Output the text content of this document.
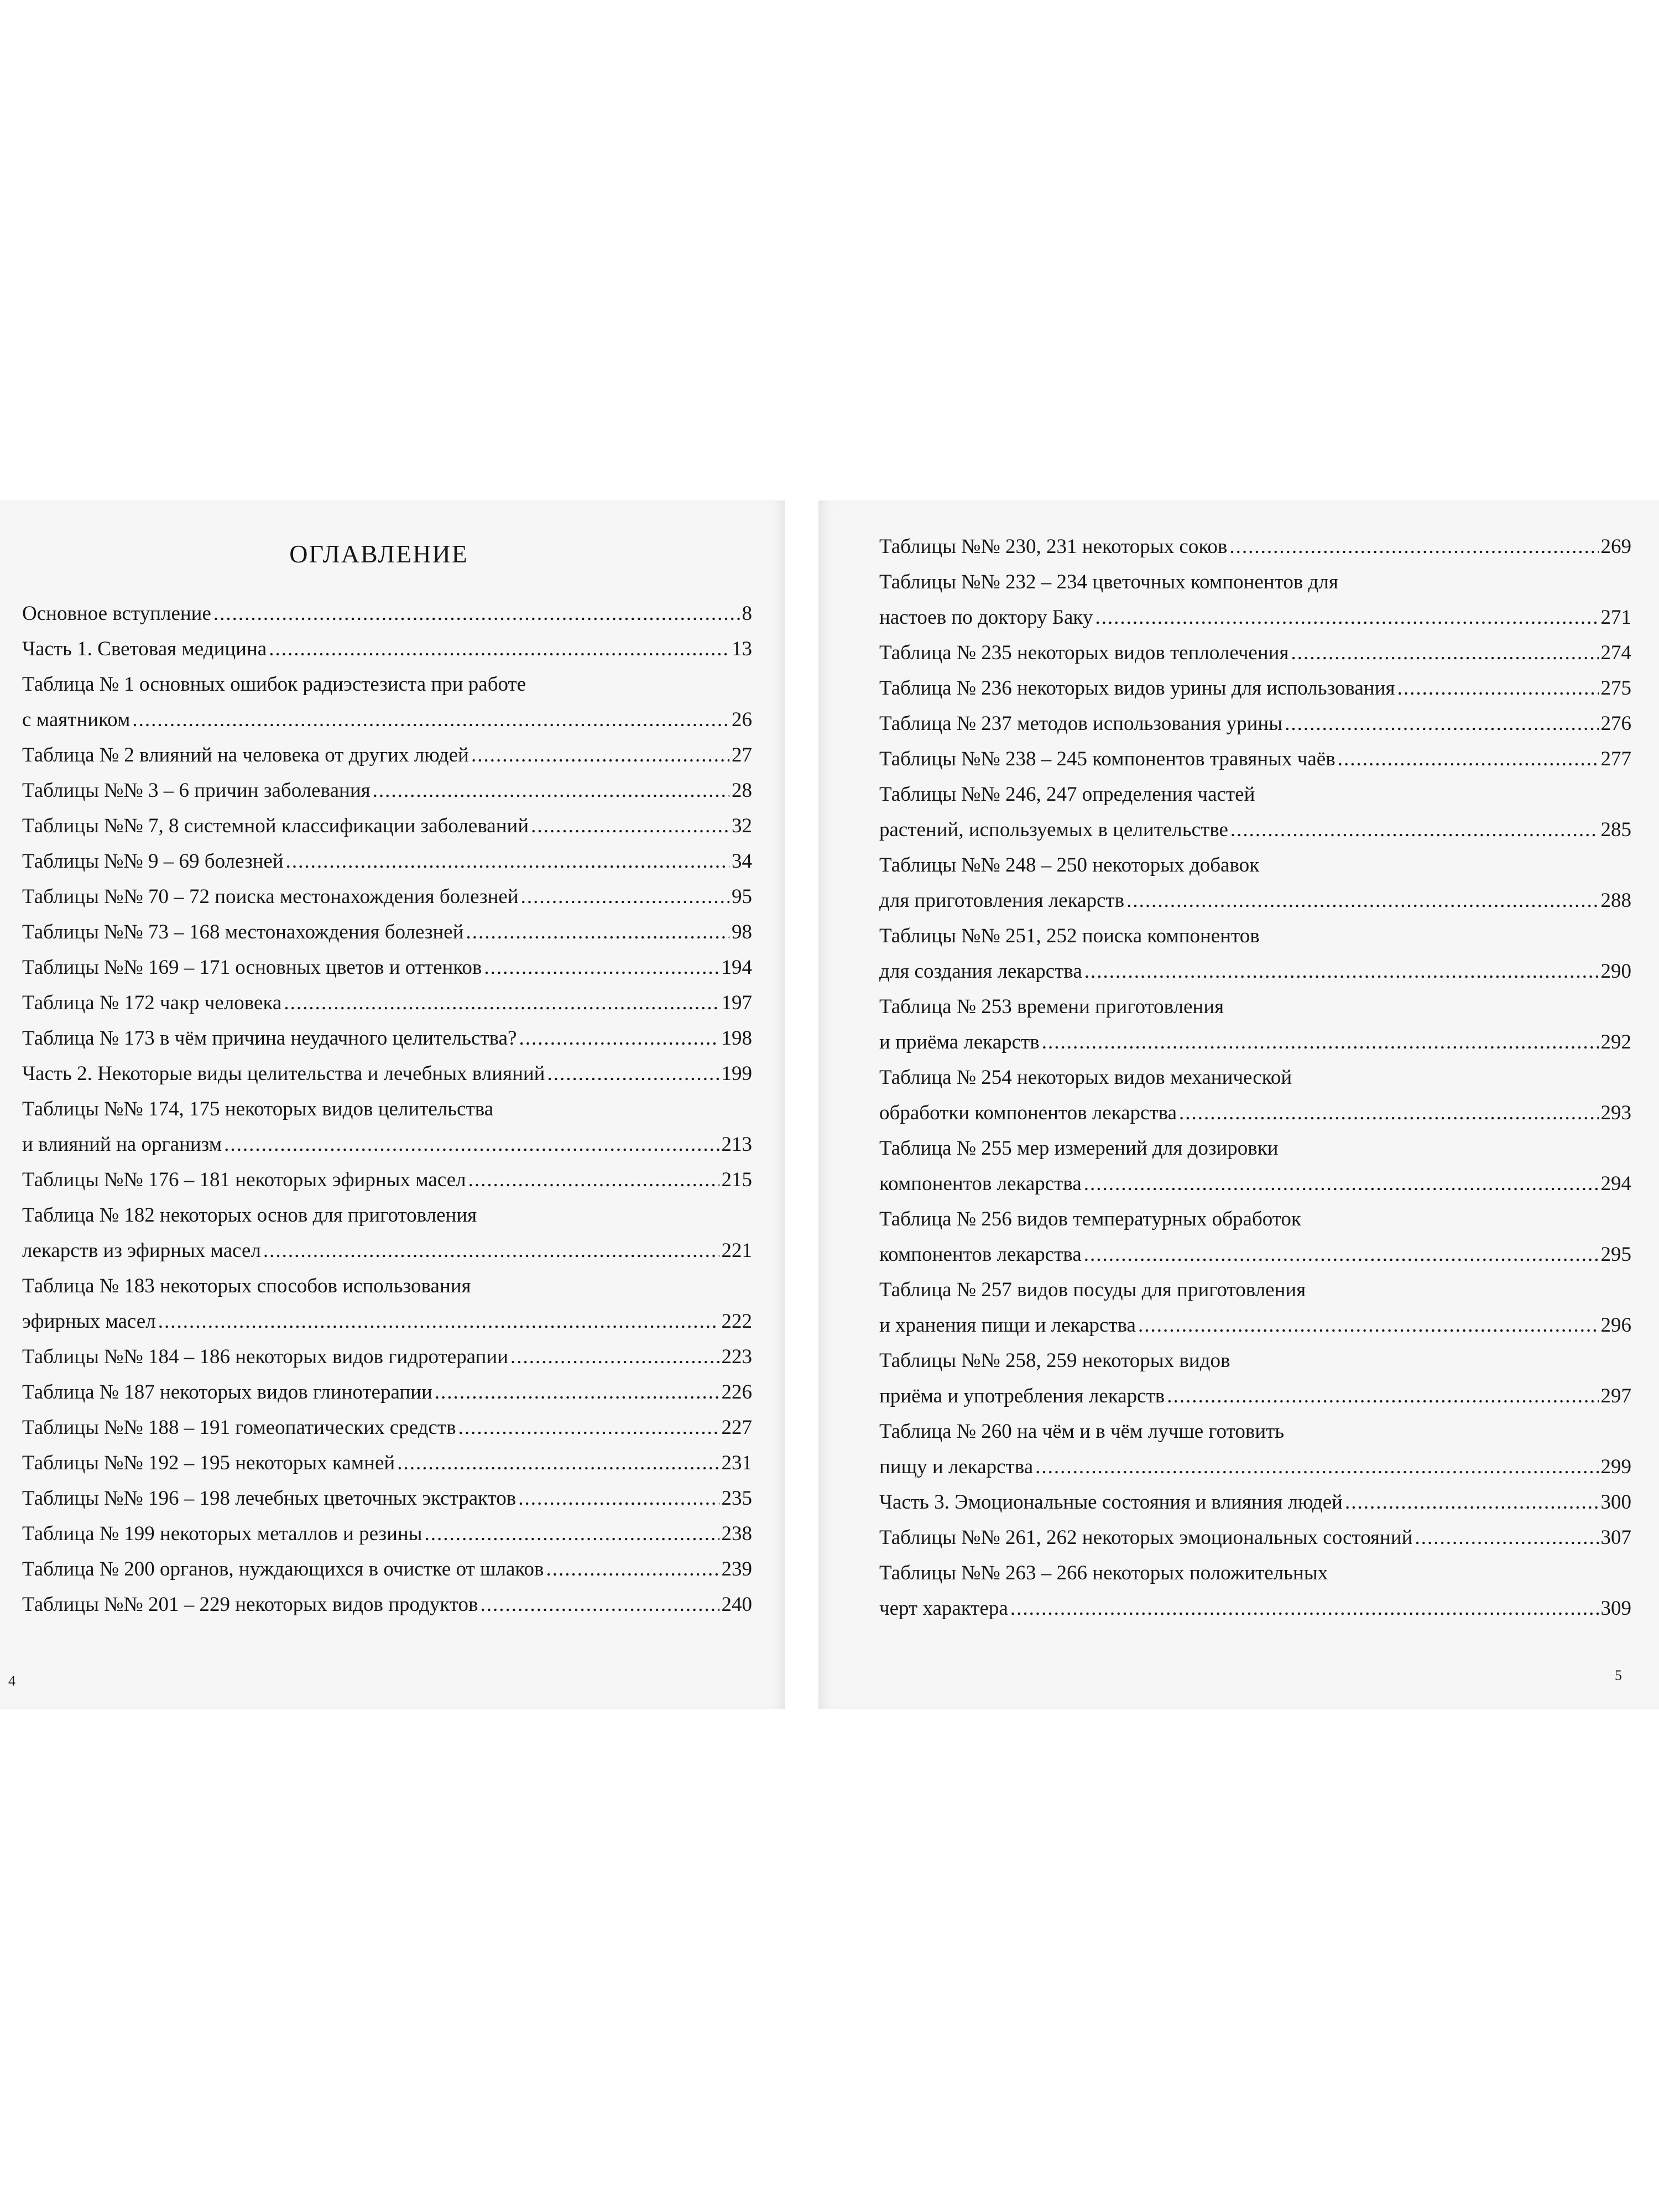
ОГЛАВЛЕНИЕ
Основное вступление .....	8
Часть 1. Световая медицина .....	13
Таблица № 1 основных ошибок радиэстезиста при работе
с маятником .....	26
Таблица № 2 влияний на человека от других людей .....	27
Таблицы №№ 3 – 6 причин заболевания .....	28
Таблицы №№ 7, 8 системной классификации заболеваний .....	32
Таблицы №№ 9 – 69 болезней .....	34
Таблицы №№ 70 – 72 поиска местонахождения болезней .....	95
Таблицы №№ 73 – 168 местонахождения болезней .....	98
Таблицы №№ 169 – 171 основных цветов и оттенков .....	194
Таблица № 172 чакр человека .....	197
Таблица № 173 в чём причина неудачного целительства? .....	198
Часть 2. Некоторые виды целительства и лечебных влияний .....	199
Таблицы №№ 174, 175 некоторых видов целительства
и влияний на организм .....	213
Таблицы №№ 176 – 181 некоторых эфирных масел .....	215
Таблица № 182 некоторых основ для приготовления
лекарств из эфирных масел .....	221
Таблица № 183 некоторых способов использования
эфирных масел .....	222
Таблицы №№ 184 – 186 некоторых видов гидротерапии .....	223
Таблица № 187 некоторых видов глинотерапии .....	226
Таблицы №№ 188 – 191 гомеопатических средств .....	227
Таблицы №№ 192 – 195 некоторых камней .....	231
Таблицы №№ 196 – 198 лечебных цветочных экстрактов .....	235
Таблица № 199 некоторых металлов и резины .....	238
Таблица № 200 органов, нуждающихся в очистке от шлаков .....	239
Таблицы №№ 201 – 229 некоторых видов продуктов .....	240
4
Таблицы №№ 230, 231 некоторых соков .....	269
Таблицы №№ 232 – 234 цветочных компонентов для
настоев по доктору Баку .....	271
Таблица № 235 некоторых видов теплолечения .....	274
Таблица № 236 некоторых видов урины для использования .....	275
Таблица № 237 методов использования урины .....	276
Таблицы №№ 238 – 245 компонентов травяных чаёв .....	277
Таблицы №№ 246, 247 определения частей
растений, используемых в целительстве .....	285
Таблицы №№ 248 – 250 некоторых добавок
для приготовления лекарств .....	288
Таблицы №№ 251, 252 поиска компонентов
для создания лекарства .....	290
Таблица № 253 времени приготовления
и приёма лекарств .....	292
Таблица № 254 некоторых видов механической
обработки компонентов лекарства .....	293
Таблица № 255 мер измерений для дозировки
компонентов лекарства .....	294
Таблица № 256 видов температурных обработок
компонентов лекарства .....	295
Таблица № 257 видов посуды для приготовления
и хранения пищи и лекарства .....	296
Таблицы №№ 258, 259 некоторых видов
приёма и употребления лекарств .....	297
Таблица № 260 на чём и в чём лучше готовить
пищу и лекарства .....	299
Часть 3. Эмоциональные состояния и влияния людей .....	300
Таблицы №№ 261, 262 некоторых эмоциональных состояний .....	307
Таблицы №№ 263 – 266 некоторых положительных
черт характера .....	309
5
